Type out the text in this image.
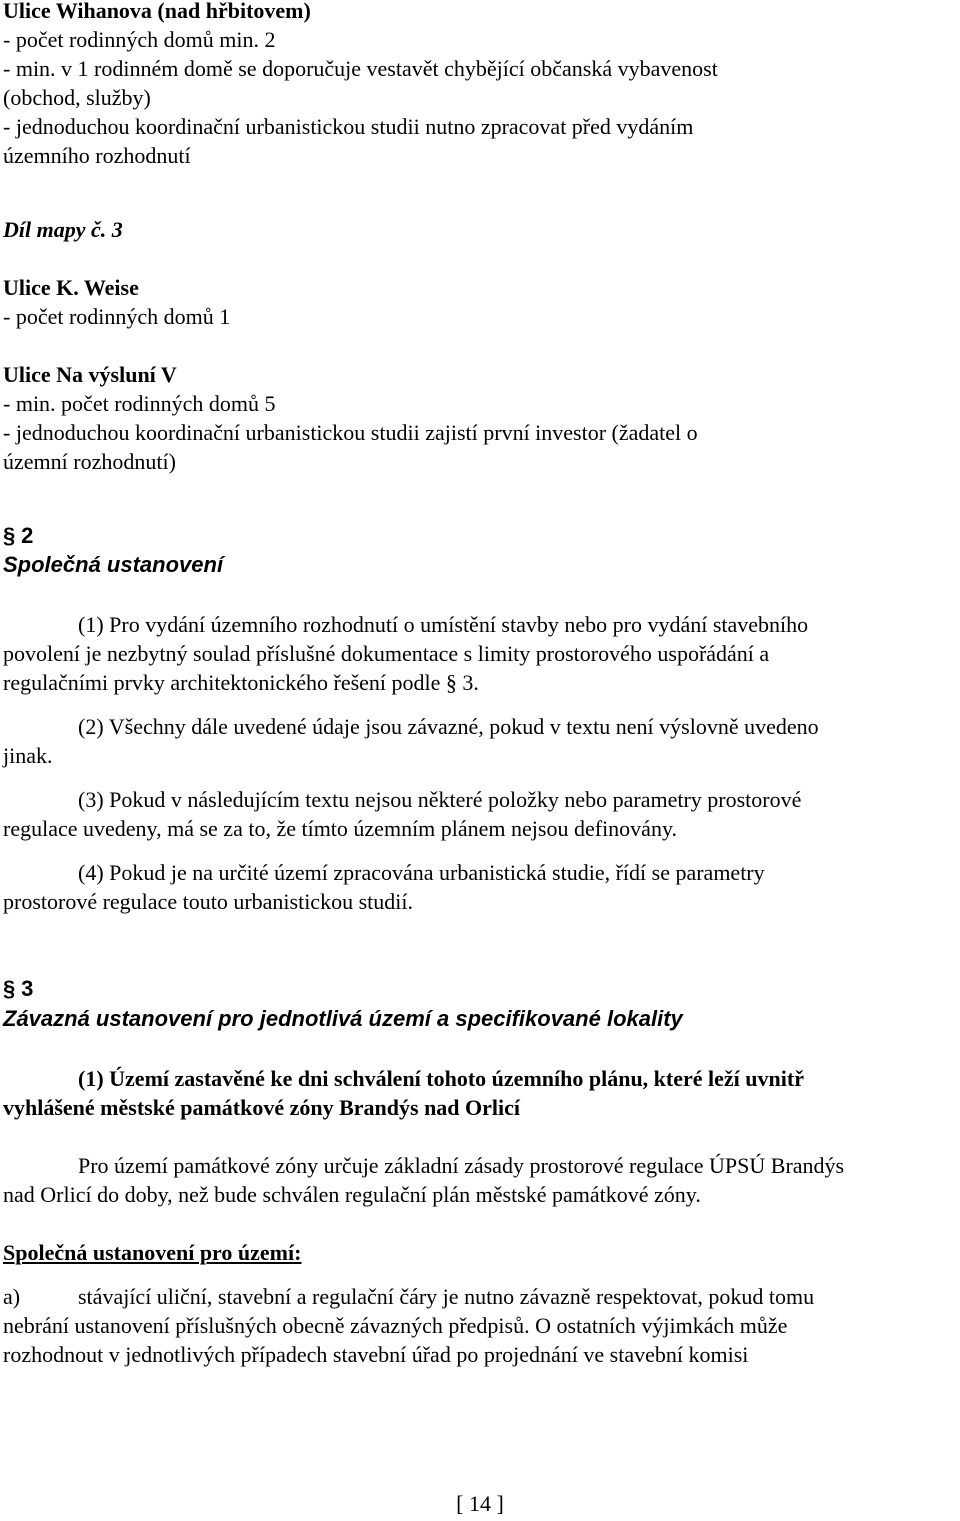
Ulice Wihanova (nad hřbitovem)
- počet rodinných domů min. 2
- min. v 1 rodinném domě se doporučuje vestavět chybějící občanská vybavenost
(obchod, služby)
- jednoduchou koordinační urbanistickou studii nutno zpracovat před vydáním
územního rozhodnutí
Díl mapy č. 3
Ulice K. Weise
- počet rodinných domů 1
Ulice Na výsluní V
- min. počet rodinných domů 5
- jednoduchou koordinační urbanistickou studii zajistí první investor (žadatel o
územní rozhodnutí)
§ 2
Společná ustanovení
(1) Pro vydání územního rozhodnutí o umístění stavby nebo pro vydání stavebního
povolení je nezbytný soulad příslušné dokumentace s limity prostorového uspořádání a
regulačními prvky architektonického řešení podle § 3.
(2) Všechny dále uvedené údaje jsou závazné, pokud v textu není výslovně uvedeno
jinak.
(3) Pokud v následujícím textu nejsou některé položky nebo parametry prostorové
regulace uvedeny, má se za to, že tímto územním plánem nejsou definovány.
(4) Pokud je na určité území zpracována urbanistická studie, řídí se parametry
prostorové regulace touto urbanistickou studií.
§ 3
Závazná ustanovení pro jednotlivá území a specifikované lokality
(1) Území zastavěné ke dni schválení tohoto územního plánu, které leží uvnitř
vyhlášené městské památkové zóny Brandýs nad Orlicí
Pro území památkové zóny určuje základní zásady prostorové regulace ÚPSÚ Brandýs
nad Orlicí do doby, než bude schválen regulační plán městské památkové zóny.
Společná ustanovení pro území:
a)	stávající uliční, stavební a regulační čáry je nutno závazně respektovat, pokud tomu
nebrání ustanovení příslušných obecně závazných předpisů. O ostatních výjimkách může
rozhodnout v jednotlivých případech stavební úřad po projednání ve stavební komisi
[ 14 ]
